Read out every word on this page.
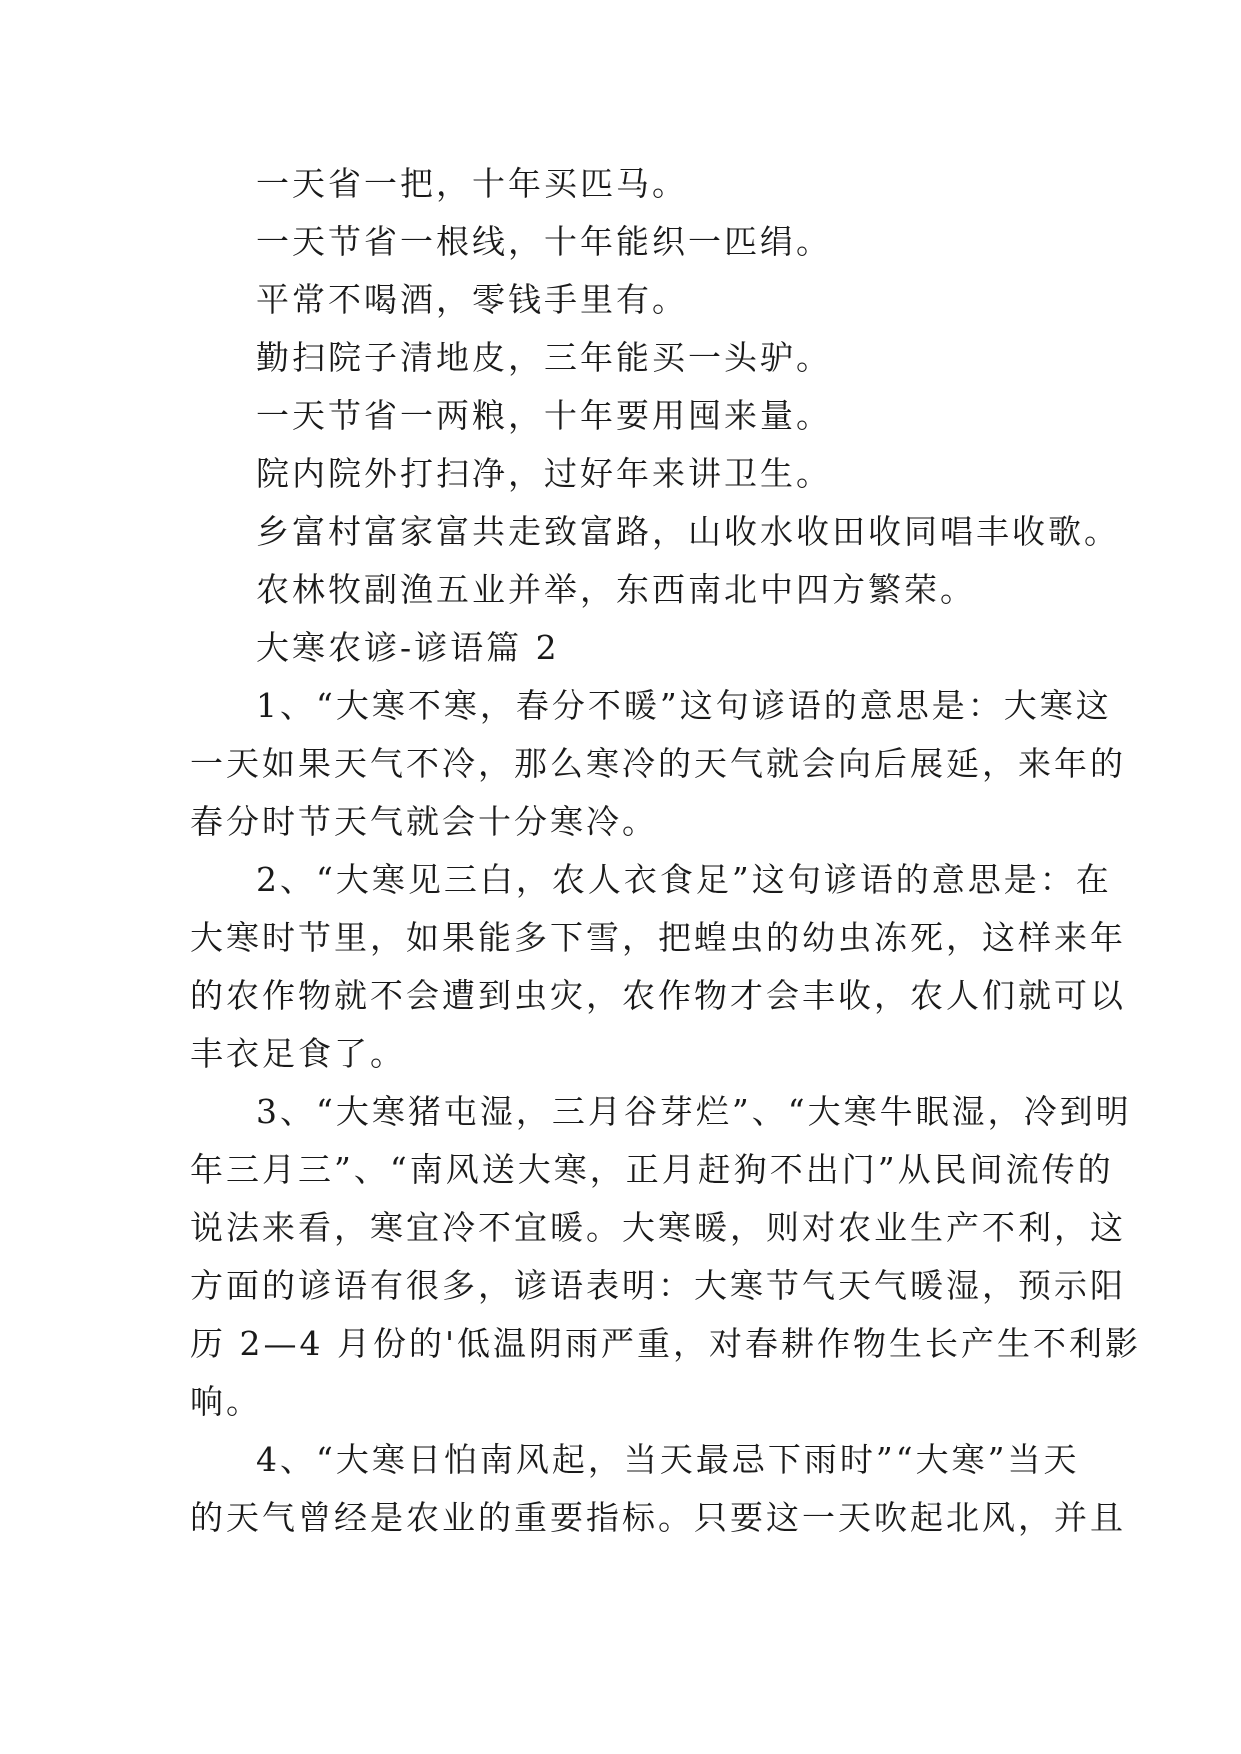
一天省一把，十年买匹马。
一天节省一根线，十年能织一匹绢。
平常不喝酒，零钱手里有。
勤扫院子清地皮，三年能买一头驴。
一天节省一两粮，十年要用囤来量。
院内院外打扫净，过好年来讲卫生。
乡富村富家富共走致富路，山收水收田收同唱丰收歌。
农林牧副渔五业并举，东西南北中四方繁荣。
大寒农谚-谚语篇 2
1、“大寒不寒，春分不暖”这句谚语的意思是：大寒这
一天如果天气不冷，那么寒冷的天气就会向后展延，来年的
春分时节天气就会十分寒冷。
2、“大寒见三白，农人衣食足”这句谚语的意思是：在
大寒时节里，如果能多下雪，把蝗虫的幼虫冻死，这样来年
的农作物就不会遭到虫灾，农作物才会丰收，农人们就可以
丰衣足食了。
3、“大寒猪屯湿，三月谷芽烂”、“大寒牛眠湿，冷到明
年三月三”、“南风送大寒，正月赶狗不出门”从民间流传的
说法来看，寒宜冷不宜暖。大寒暖，则对农业生产不利，这
方面的谚语有很多，谚语表明：大寒节气天气暖湿，预示阳
历 2—4 月份的'低温阴雨严重，对春耕作物生长产生不利影
响。
4、“大寒日怕南风起，当天最忌下雨时”“大寒”当天
的天气曾经是农业的重要指标。只要这一天吹起北风，并且
